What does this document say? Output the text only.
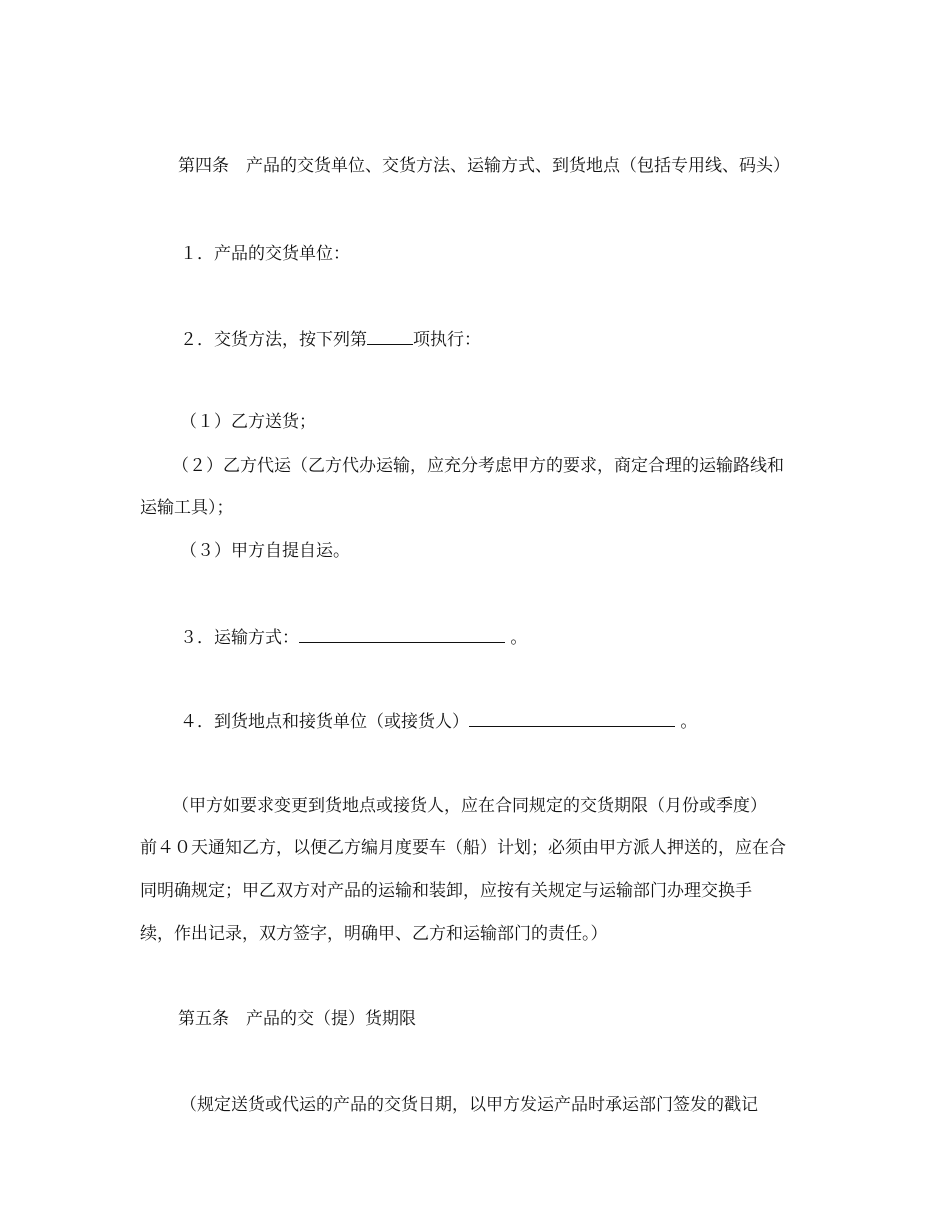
第四条　产品的交货单位、交货方法、运输方式、到货地点（包括专用线、码头）

１．产品的交货单位：

２．交货方法，按下列第	项执行：

（１）乙方送货；

（２）乙方代运（乙方代办运输，应充分考虑甲方的要求，商定合理的运输路线和

运输工具）；

（３）甲方自提自运。

３．运输方式：	。

４．到货地点和接货单位（或接货人）	。

（甲方如要求变更到货地点或接货人，应在合同规定的交货期限（月份或季度）

前４０天通知乙方，以便乙方编月度要车（船）计划；必须由甲方派人押送的，应在合

同明确规定；甲乙双方对产品的运输和装卸，应按有关规定与运输部门办理交换手

续，作出记录，双方签字，明确甲、乙方和运输部门的责任。）

第五条　产品的交（提）货期限

（规定送货或代运的产品的交货日期，以甲方发运产品时承运部门签发的戳记
